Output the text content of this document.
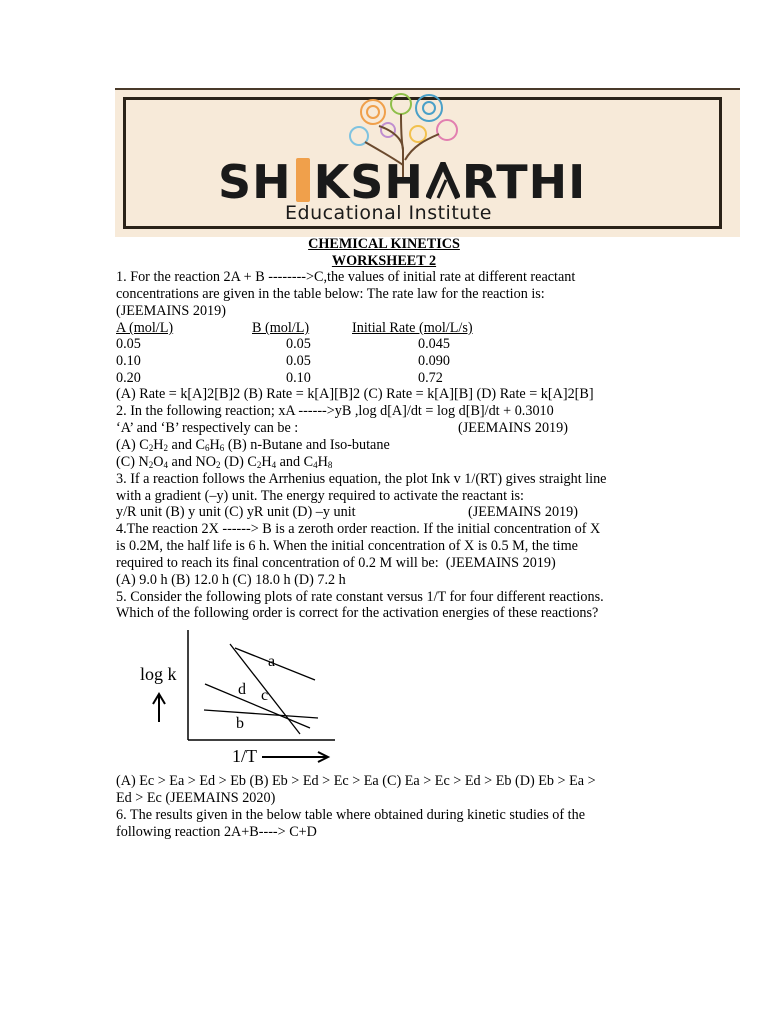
SH KSH RTHI
Educational Institute
CHEMICAL KINETICS
WORKSHEET 2
1. For the reaction 2A + B -------->C,the values of initial rate at different reactant
concentrations are given in the table below: The rate law for the reaction is:
(JEEMAINS 2019)
A (mol/L)	B (mol/L)	Initial Rate (mol/L/s)
0.05	0.05	0.045
0.10	0.05	0.090
0.20	0.10	0.72
(A) Rate = k[A]2[B]2 (B) Rate = k[A][B]2 (C) Rate = k[A][B] (D) Rate = k[A]2[B]
2. In the following reaction; xA ------>yB ,log d[A]/dt = log d[B]/dt + 0.3010
‘A’ and ‘B’ respectively can be :	(JEEMAINS 2019)
(A) $C_2H_2$ and $C_6H_6$ (B) n-Butane and Iso-butane
(C) $N_2O_4$ and $NO_2$ (D) $C_2H_4$ and $C_4H_8$
3. If a reaction follows the Arrhenius equation, the plot Ink v 1/(RT) gives straight line
with a gradient (–y) unit. The energy required to activate the reactant is:
y/R unit (B) y unit (C) yR unit (D) –y unit	(JEEMAINS 2019)
4.The reaction 2X ------> B is a zeroth order reaction. If the initial concentration of X
is 0.2M, the half life is 6 h. When the initial concentration of X is 0.5 M, the time
required to reach its final concentration of 0.2 M will be:  (JEEMAINS 2019)
(A) 9.0 h (B) 12.0 h (C) 18.0 h (D) 7.2 h
5. Consider the following plots of rate constant versus 1/T for four different reactions.
Which of the following order is correct for the activation energies of these reactions?
log k
a
b
c
d
1/T
(A) Ec > Ea > Ed > Eb (B) Eb > Ed > Ec > Ea (C) Ea > Ec > Ed > Eb (D) Eb > Ea >
Ed > Ec (JEEMAINS 2020)
6. The results given in the below table where obtained during kinetic studies of the
following reaction 2A+B----> C+D
